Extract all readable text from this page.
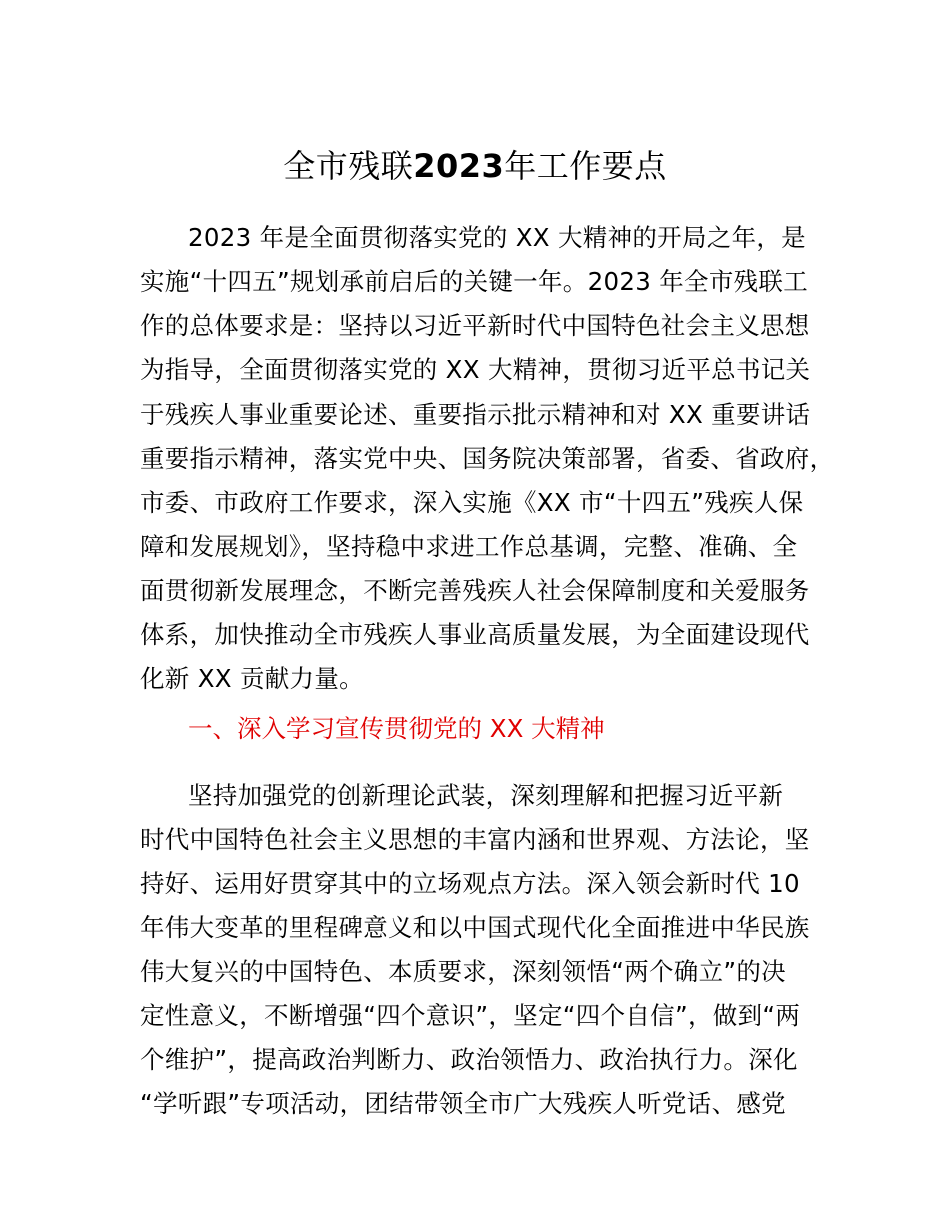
全市残联2023年工作要点
2023 年是全面贯彻落实党的 XX 大精神的开局之年，是
实施“十四五”规划承前启后的关键一年。2023 年全市残联工
作的总体要求是：坚持以习近平新时代中国特色社会主义思想
为指导，全面贯彻落实党的 XX 大精神，贯彻习近平总书记关
于残疾人事业重要论述、重要指示批示精神和对 XX 重要讲话
重要指示精神，落实党中央、国务院决策部署，省委、省政府，
市委、市政府工作要求，深入实施《XX 市“十四五”残疾人保
障和发展规划》，坚持稳中求进工作总基调，完整、准确、全
面贯彻新发展理念，不断完善残疾人社会保障制度和关爱服务
体系，加快推动全市残疾人事业高质量发展，为全面建设现代
化新 XX 贡献力量。
一、深入学习宣传贯彻党的 XX 大精神
坚持加强党的创新理论武装，深刻理解和把握习近平新
时代中国特色社会主义思想的丰富内涵和世界观、方法论，坚
持好、运用好贯穿其中的立场观点方法。深入领会新时代 10
年伟大变革的里程碑意义和以中国式现代化全面推进中华民族
伟大复兴的中国特色、本质要求，深刻领悟“两个确立”的决
定性意义，不断增强“四个意识”，坚定“四个自信”，做到“两
个维护”，提高政治判断力、政治领悟力、政治执行力。深化
“学听跟”专项活动，团结带领全市广大残疾人听党话、感党
